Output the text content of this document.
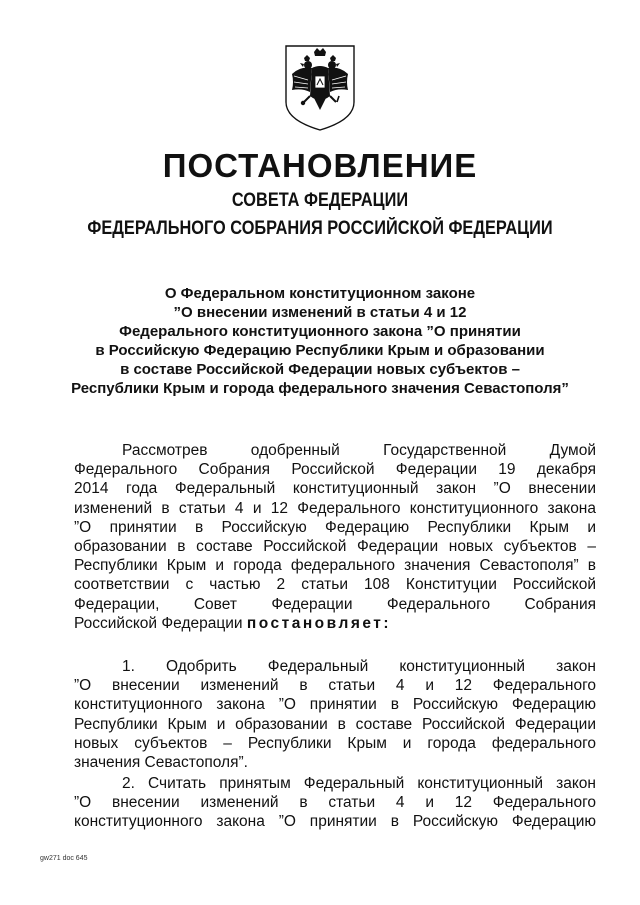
ПОСТАНОВЛЕНИЕ
СОВЕТА ФЕДЕРАЦИИ
ФЕДЕРАЛЬНОГО СОБРАНИЯ РОССИЙСКОЙ ФЕДЕРАЦИИ
О Федеральном конституционном законе
”О внесении изменений в статьи 4 и 12
Федерального конституционного закона ”О принятии
в Российскую Федерацию Республики Крым и образовании
в составе Российской Федерации новых субъектов –
Республики Крым и города федерального значения Севастополя”
Рассмотрев одобренный Государственной Думой
Федерального Собрания Российской Федерации 19 декабря
2014 года Федеральный конституционный закон ”О внесении
изменений в статьи 4 и 12 Федерального конституционного закона
”О принятии в Российскую Федерацию Республики Крым и
образовании в составе Российской Федерации новых субъектов –
Республики Крым и города федерального значения Севастополя” в
соответствии с частью 2 статьи 108 Конституции Российской
Федерации, Совет Федерации Федерального Собрания
Российской Федерации постановляет:
1. Одобрить Федеральный конституционный закон
”О внесении изменений в статьи 4 и 12 Федерального
конституционного закона ”О принятии в Российскую Федерацию
Республики Крым и образовании в составе Российской Федерации
новых субъектов – Республики Крым и города федерального
значения Севастополя”.
2. Считать принятым Федеральный конституционный закон
”О внесении изменений в статьи 4 и 12 Федерального
конституционного закона ”О принятии в Российскую Федерацию
gw271 doc 645
